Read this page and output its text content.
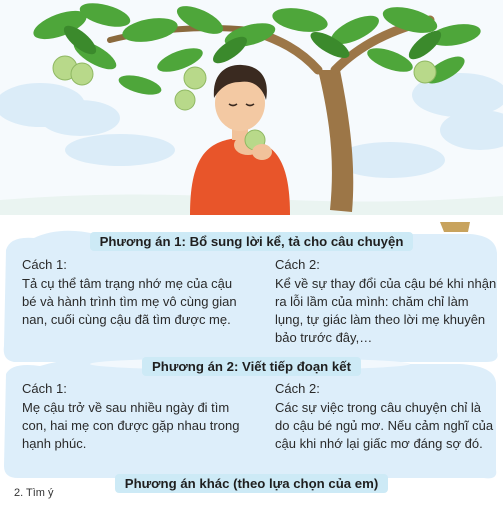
Phương án 1: Bổ sung lời kể, tả cho câu chuyện
Cách 1:
Tả cụ thể tâm trạng nhớ mẹ của cậu bé và hành trình tìm mẹ vô cùng gian nan, cuối cùng cậu đã tìm được mẹ.
Cách 2:
Kể về sự thay đổi của cậu bé khi nhận ra lỗi lầm của mình: chăm chỉ làm lụng, tự giác làm theo lời mẹ khuyên bảo trước đây,…
Phương án 2: Viết tiếp đoạn kết
Cách 1:
Mẹ cậu trở về sau nhiều ngày đi tìm con, hai mẹ con được gặp nhau trong hạnh phúc.
Cách 2:
Các sự việc trong câu chuyện chỉ là do cậu bé ngủ mơ. Nếu cảm nghĩ của cậu khi nhớ lại giấc mơ đáng sợ đó.
Phương án khác (theo lựa chọn của em)
2. Tìm ý
